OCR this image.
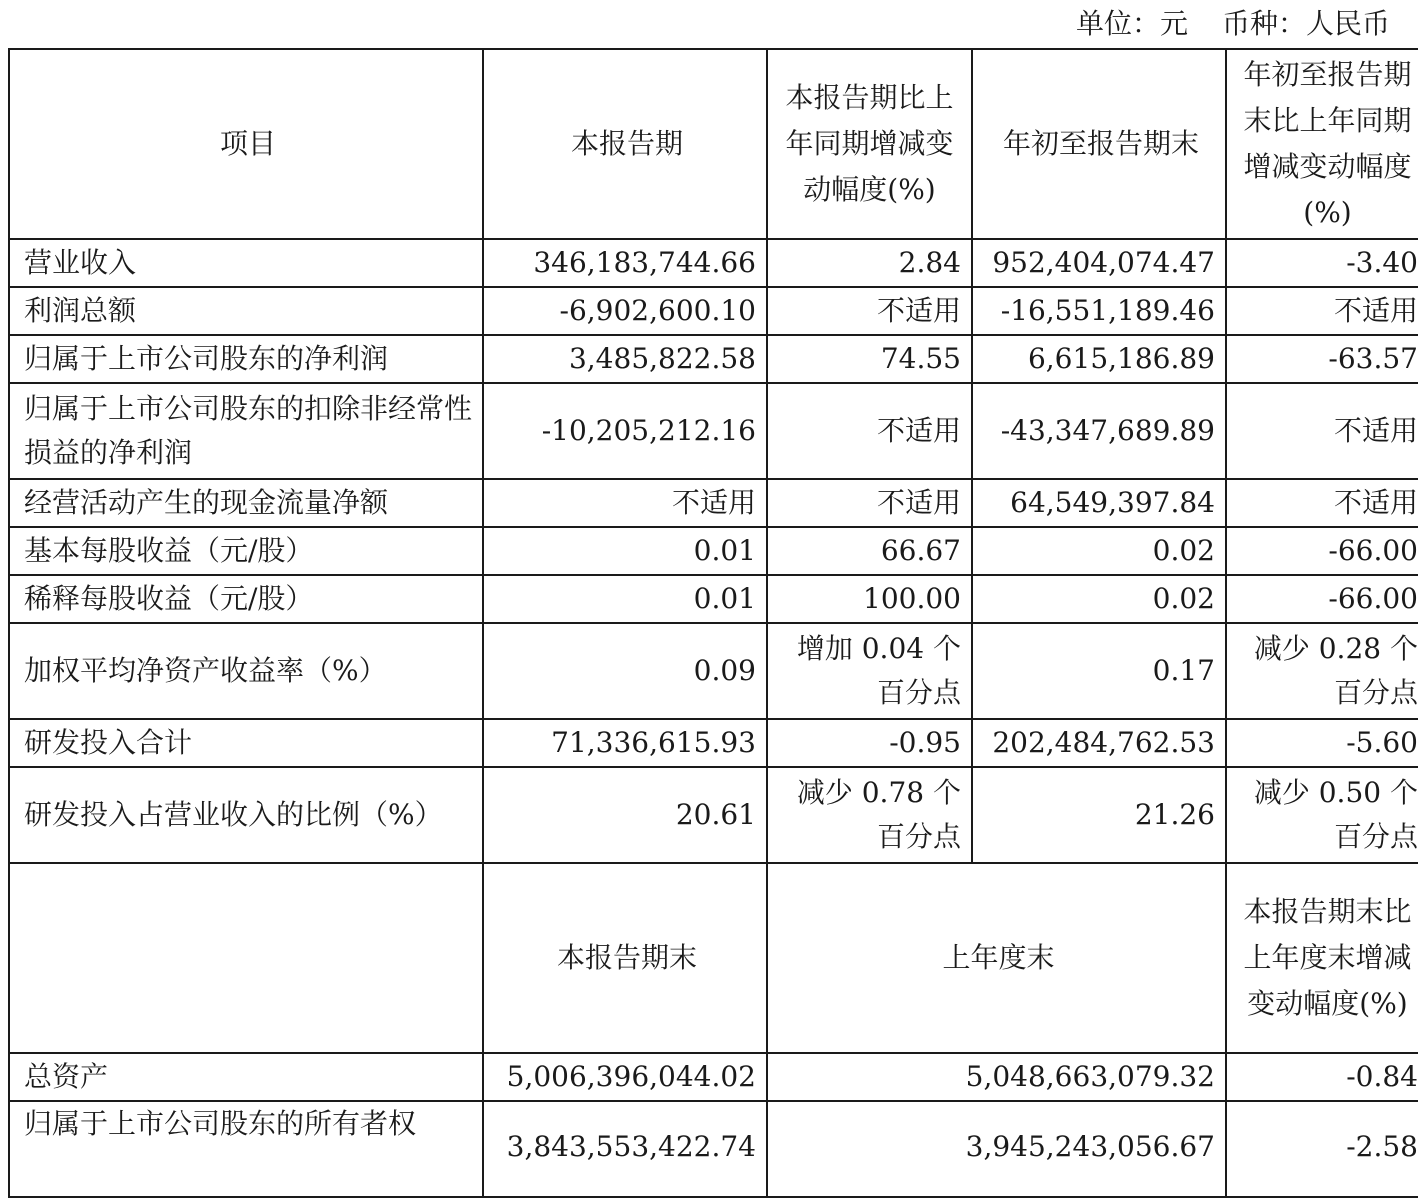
单位：元 币种：人民币
项目	本报告期	本报告期比上年同期增减变动幅度(%)	年初至报告期末	年初至报告期末比上年同期增减变动幅度(%)
营业收入	346,183,744.66	2.84	952,404,074.47	-3.40
利润总额	-6,902,600.10	不适用	-16,551,189.46	不适用
归属于上市公司股东的净利润	3,485,822.58	74.55	6,615,186.89	-63.57
归属于上市公司股东的扣除非经常性损益的净利润	-10,205,212.16	不适用	-43,347,689.89	不适用
经营活动产生的现金流量净额	不适用	不适用	64,549,397.84	不适用
基本每股收益（元/股）	0.01	66.67	0.02	-66.00
稀释每股收益（元/股）	0.01	100.00	0.02	-66.00
加权平均净资产收益率（%）	0.09	增加 0.04 个百分点	0.17	减少 0.28 个百分点
研发投入合计	71,336,615.93	-0.95	202,484,762.53	-5.60
研发投入占营业收入的比例（%）	20.61	减少 0.78 个百分点	21.26	减少 0.50 个百分点
	本报告期末	上年度末		本报告期末比上年度末增减变动幅度(%)
总资产	5,006,396,044.02	5,048,663,079.32		-0.84
归属于上市公司股东的所有者权	3,843,553,422.74	3,945,243,056.67		-2.58
